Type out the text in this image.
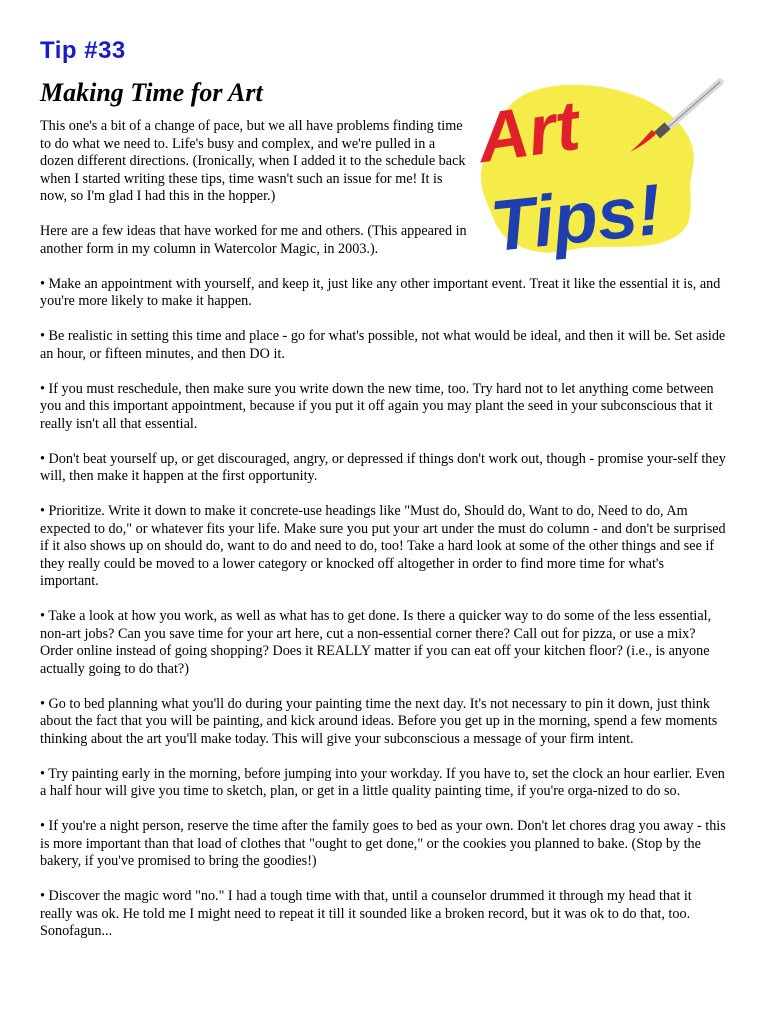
Tip #33
Making Time for Art

This one's a bit of a change of pace, but we all have problems finding time to do what we need to. Life's busy and complex, and we're pulled in a dozen different directions. (Ironically, when I added it to the schedule back when I started writing these tips, time wasn't such an issue for me! It is now, so I'm glad I had this in the hopper.)

Here are a few ideas that have worked for me and others. (This appeared in another form in my column in Watercolor Magic, in 2003.).

• Make an appointment with yourself, and keep it, just like any other important event. Treat it like the essential it is, and you're more likely to make it happen.

• Be realistic in setting this time and place - go for what's possible, not what would be ideal, and then it will be. Set aside an hour, or fifteen minutes, and then DO it.

• If you must reschedule, then make sure you write down the new time, too. Try hard not to let anything come between you and this important appointment, because if you put it off again you may plant the seed in your subconscious that it really isn't all that essential.

• Don't beat yourself up, or get discouraged, angry, or depressed if things don't work out, though - promise your-self they will, then make it happen at the first opportunity.

• Prioritize. Write it down to make it concrete-use headings like "Must do, Should do, Want to do, Need to do, Am expected to do," or whatever fits your life. Make sure you put your art under the must do column - and don't be surprised if it also shows up on should do, want to do and need to do, too! Take a hard look at some of the other things and see if they really could be moved to a lower category or knocked off altogether in order to find more time for what's important.

• Take a look at how you work, as well as what has to get done. Is there a quicker way to do some of the less essential, non-art jobs? Can you save time for your art here, cut a non-essential corner there? Call out for pizza, or use a mix? Order online instead of going shopping? Does it REALLY matter if you can eat off your kitchen floor? (i.e., is anyone actually going to do that?)

• Go to bed planning what you'll do during your painting time the next day. It's not necessary to pin it down, just think about the fact that you will be painting, and kick around ideas. Before you get up in the morning, spend a few moments thinking about the art you'll make today. This will give your subconscious a message of your firm intent.

• Try painting early in the morning, before jumping into your workday. If you have to, set the clock an hour earlier. Even a half hour will give you time to sketch, plan, or get in a little quality painting time, if you're orga-nized to do so.

• If you're a night person, reserve the time after the family goes to bed as your own. Don't let chores drag you away - this is more important than that load of clothes that "ought to get done," or the cookies you planned to bake. (Stop by the bakery, if you've promised to bring the goodies!)

• Discover the magic word "no." I had a tough time with that, until a counselor drummed it through my head that it really was ok. He told me I might need to repeat it till it sounded like a broken record, but it was ok to do that, too. Sonofagun...

Art
Tips!
